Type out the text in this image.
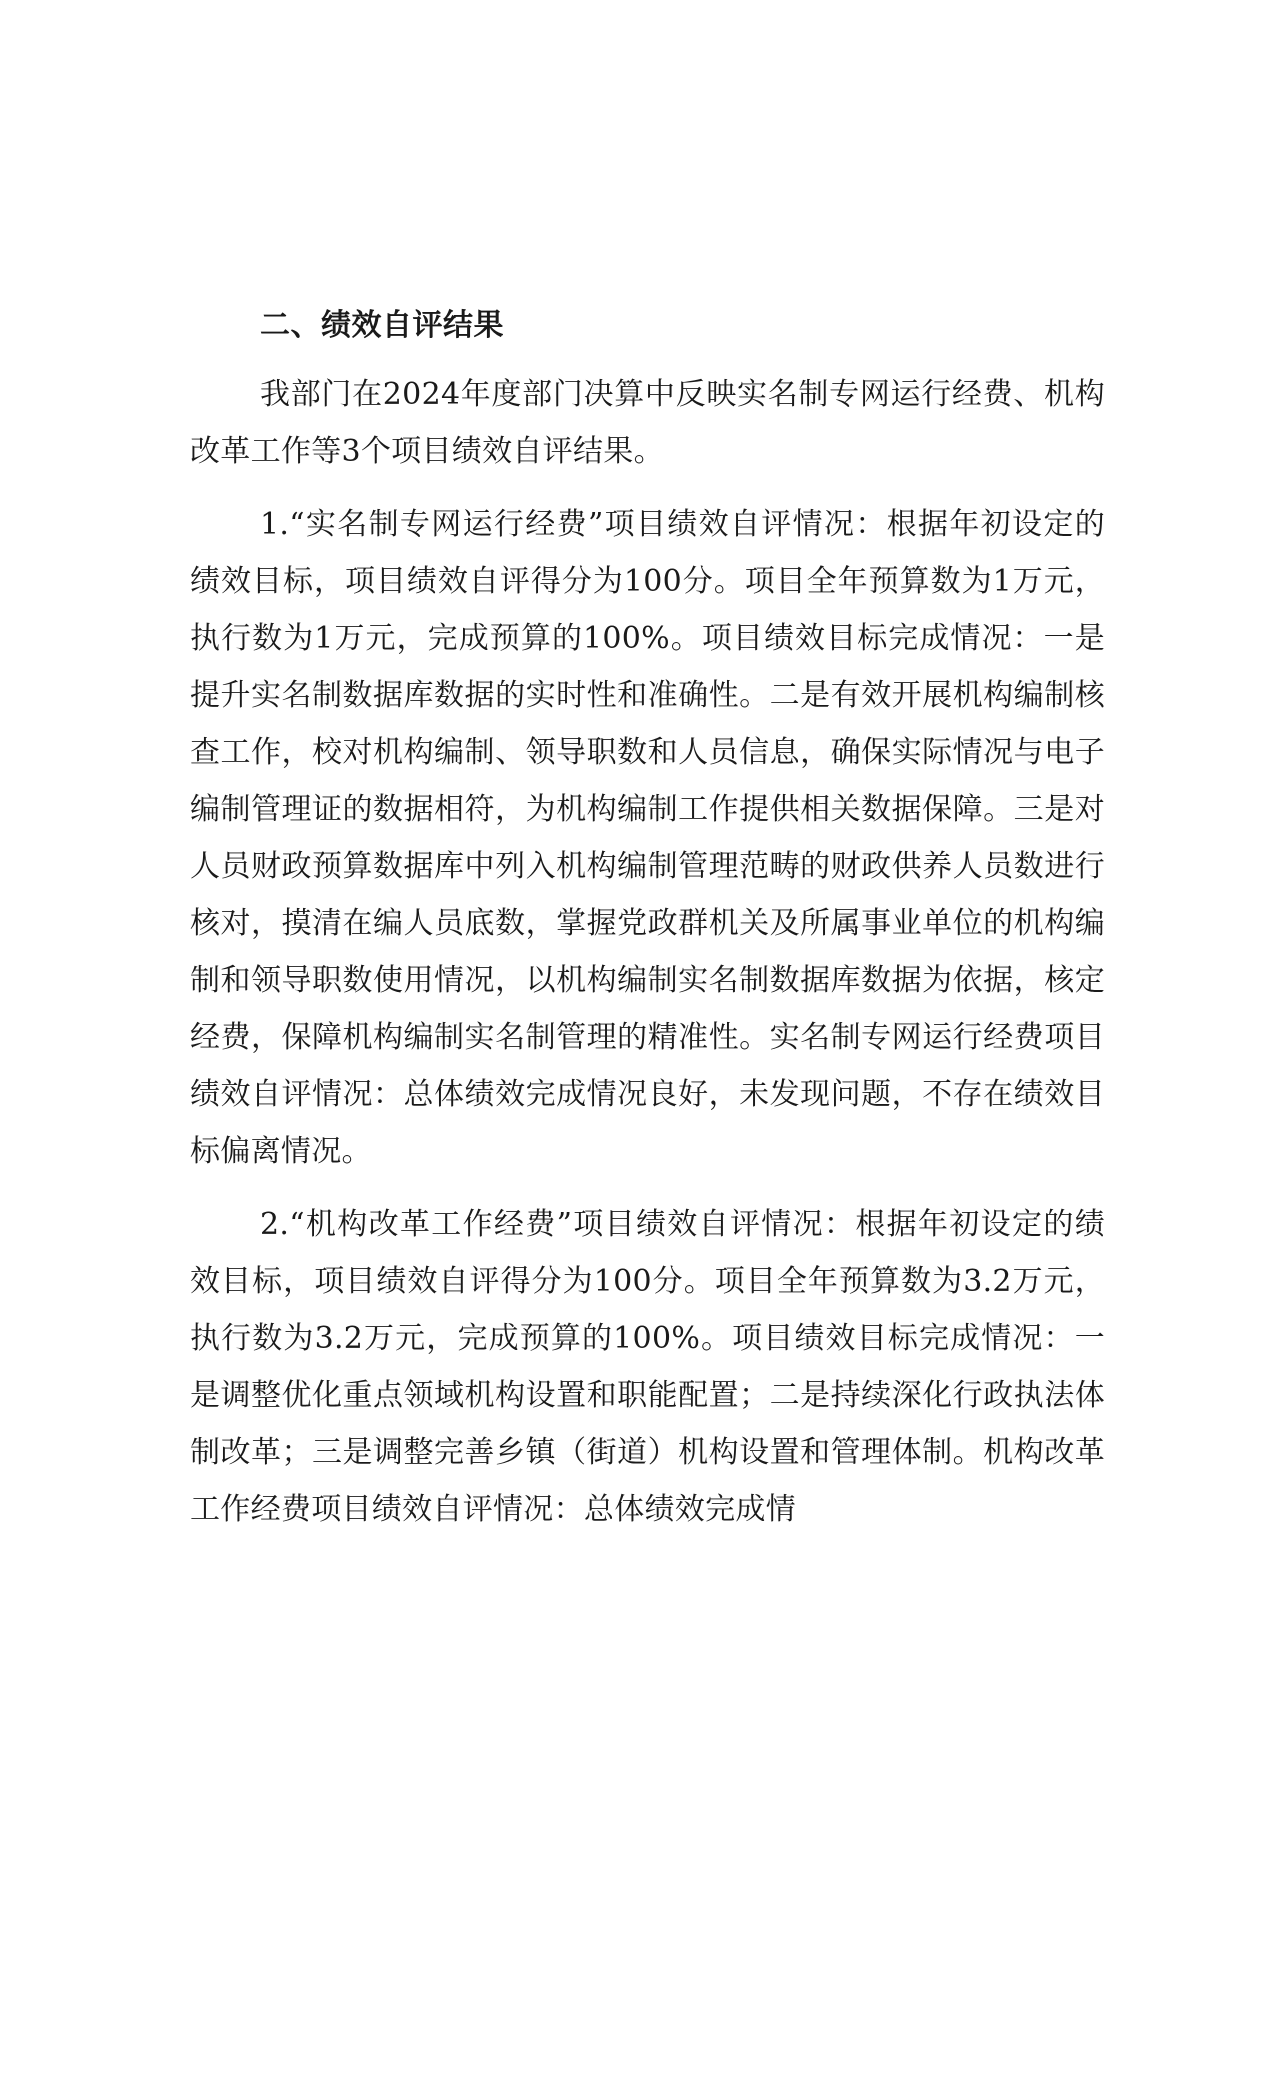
二、绩效自评结果

我部门在2024年度部门决算中反映实名制专网运行经费、机构改革工作等3个项目绩效自评结果。

1.“实名制专网运行经费”项目绩效自评情况：根据年初设定的绩效目标，项目绩效自评得分为100分。项目全年预算数为1万元，执行数为1万元，完成预算的100%。项目绩效目标完成情况：一是提升实名制数据库数据的实时性和准确性。二是有效开展机构编制核查工作，校对机构编制、领导职数和人员信息，确保实际情况与电子编制管理证的数据相符，为机构编制工作提供相关数据保障。三是对人员财政预算数据库中列入机构编制管理范畴的财政供养人员数进行核对，摸清在编人员底数，掌握党政群机关及所属事业单位的机构编制和领导职数使用情况，以机构编制实名制数据库数据为依据，核定经费，保障机构编制实名制管理的精准性。实名制专网运行经费项目绩效自评情况：总体绩效完成情况良好，未发现问题，不存在绩效目标偏离情况。

2.“机构改革工作经费”项目绩效自评情况：根据年初设定的绩效目标，项目绩效自评得分为100分。项目全年预算数为3.2万元，执行数为3.2万元，完成预算的100%。项目绩效目标完成情况：一是调整优化重点领域机构设置和职能配置；二是持续深化行政执法体制改革；三是调整完善乡镇（街道）机构设置和管理体制。机构改革工作经费项目绩效自评情况：总体绩效完成情
